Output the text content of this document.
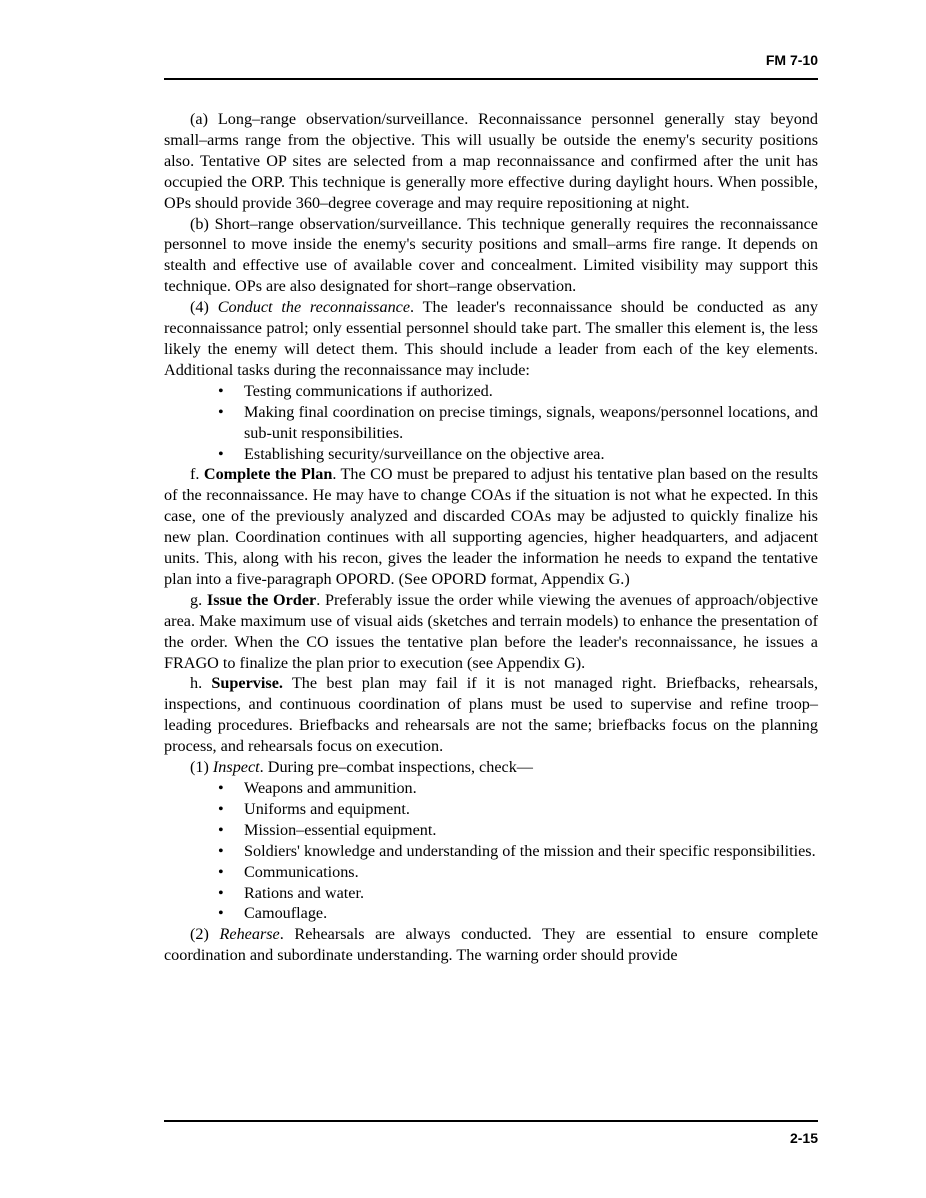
FM 7-10

(a) Long–range observation/surveillance. Reconnaissance personnel generally stay beyond small–arms range from the objective. This will usually be outside the enemy's security positions also. Tentative OP sites are selected from a map reconnaissance and confirmed after the unit has occupied the ORP. This technique is generally more effective during daylight hours. When possible, OPs should provide 360–degree coverage and may require repositioning at night.

(b) Short–range observation/surveillance. This technique generally requires the reconnaissance personnel to move inside the enemy's security positions and small–arms fire range. It depends on stealth and effective use of available cover and concealment. Limited visibility may support this technique. OPs are also designated for short–range observation.

(4) Conduct the reconnaissance. The leader's reconnaissance should be conducted as any reconnaissance patrol; only essential personnel should take part. The smaller this element is, the less likely the enemy will detect them. This should include a leader from each of the key elements. Additional tasks during the reconnaissance may include:

• Testing communications if authorized.
• Making final coordination on precise timings, signals, weapons/personnel locations, and sub-unit responsibilities.
• Establishing security/surveillance on the objective area.

f. Complete the Plan. The CO must be prepared to adjust his tentative plan based on the results of the reconnaissance. He may have to change COAs if the situation is not what he expected. In this case, one of the previously analyzed and discarded COAs may be adjusted to quickly finalize his new plan. Coordination continues with all supporting agencies, higher headquarters, and adjacent units. This, along with his recon, gives the leader the information he needs to expand the tentative plan into a five-paragraph OPORD. (See OPORD format, Appendix G.)

g. Issue the Order. Preferably issue the order while viewing the avenues of approach/objective area. Make maximum use of visual aids (sketches and terrain models) to enhance the presentation of the order. When the CO issues the tentative plan before the leader's reconnaissance, he issues a FRAGO to finalize the plan prior to execution (see Appendix G).

h. Supervise. The best plan may fail if it is not managed right. Briefbacks, rehearsals, inspections, and continuous coordination of plans must be used to supervise and refine troop–leading procedures. Briefbacks and rehearsals are not the same; briefbacks focus on the planning process, and rehearsals focus on execution.

(1) Inspect. During pre–combat inspections, check—

• Weapons and ammunition.
• Uniforms and equipment.
• Mission–essential equipment.
• Soldiers' knowledge and understanding of the mission and their specific responsibilities.
• Communications.
• Rations and water.
• Camouflage.

(2) Rehearse. Rehearsals are always conducted. They are essential to ensure complete coordination and subordinate understanding. The warning order should provide

2-15
